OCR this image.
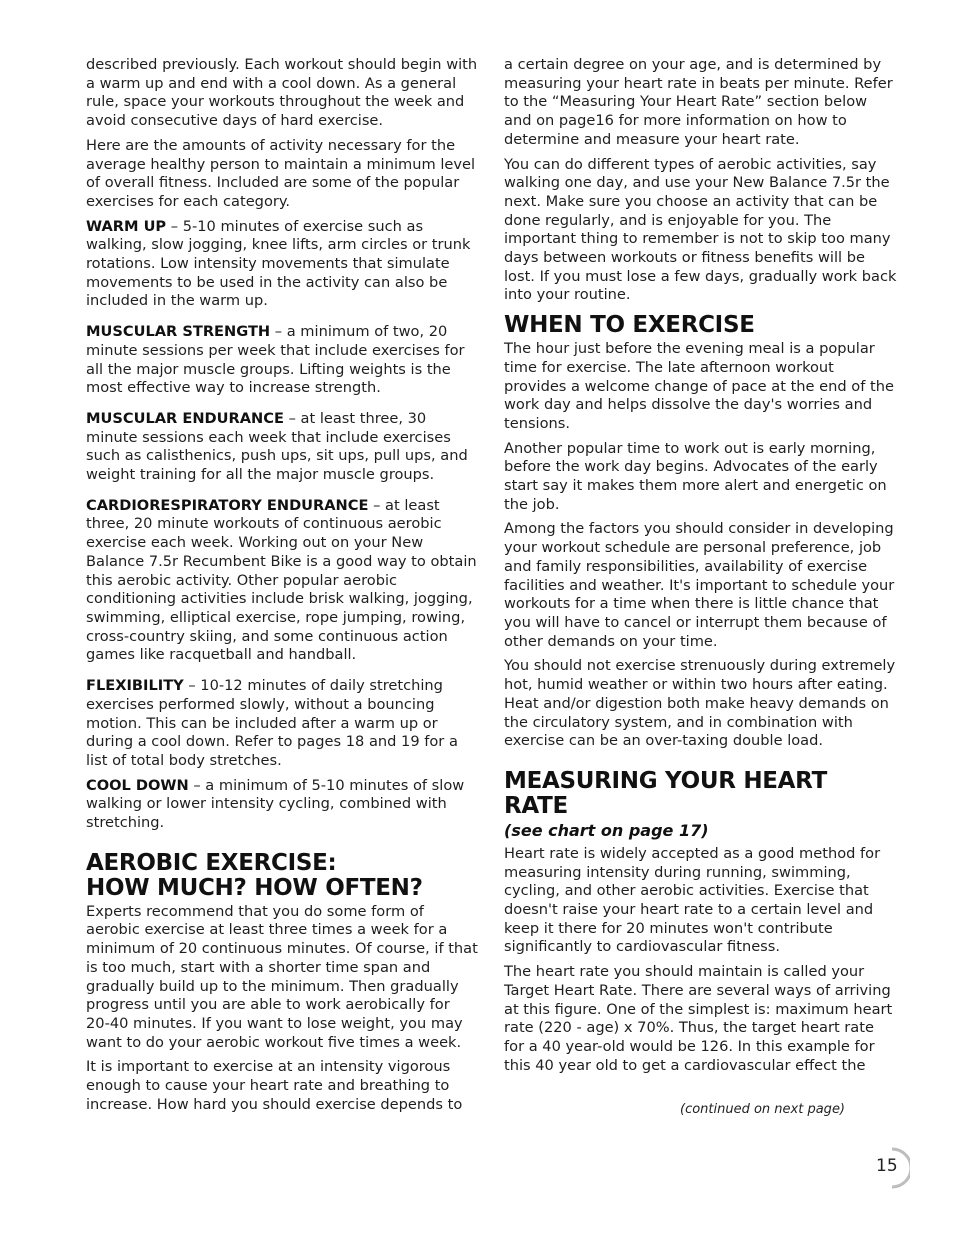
described previously. Each workout should begin with a warm up and end with a cool down. As a general rule, space your workouts throughout the week and avoid consecutive days of hard exercise.

Here are the amounts of activity necessary for the average healthy person to maintain a minimum level of overall fitness. Included are some of the popular exercises for each category.

WARM UP – 5-10 minutes of exercise such as walking, slow jogging, knee lifts, arm circles or trunk rotations. Low intensity movements that simulate movements to be used in the activity can also be included in the warm up.

MUSCULAR STRENGTH – a minimum of two, 20 minute sessions per week that include exercises for all the major muscle groups. Lifting weights is the most effective way to increase strength.

MUSCULAR ENDURANCE – at least three, 30 minute sessions each week that include exercises such as calisthenics, push ups, sit ups, pull ups, and weight training for all the major muscle groups.

CARDIORESPIRATORY ENDURANCE – at least three, 20 minute workouts of continuous aerobic exercise each week. Working out on your New Balance 7.5r Recumbent Bike is a good way to obtain this aerobic activity. Other popular aerobic conditioning activities include brisk walking, jogging, swimming, elliptical exercise, rope jumping, rowing, cross-country skiing, and some continuous action games like racquetball and handball.

FLEXIBILITY – 10-12 minutes of daily stretching exercises performed slowly, without a bouncing motion. This can be included after a warm up or during a cool down. Refer to pages 18 and 19 for a list of total body stretches.

COOL DOWN – a minimum of 5-10 minutes of slow walking or lower intensity cycling, combined with stretching.

AEROBIC EXERCISE:
HOW MUCH? HOW OFTEN?

Experts recommend that you do some form of aerobic exercise at least three times a week for a minimum of 20 continuous minutes. Of course, if that is too much, start with a shorter time span and gradually build up to the minimum. Then gradually progress until you are able to work aerobically for 20-40 minutes. If you want to lose weight, you may want to do your aerobic workout five times a week.

It is important to exercise at an intensity vigorous enough to cause your heart rate and breathing to increase. How hard you should exercise depends to

a certain degree on your age, and is determined by measuring your heart rate in beats per minute. Refer to the “Measuring Your Heart Rate” section below and on page16 for more information on how to determine and measure your heart rate.

You can do different types of aerobic activities, say walking one day, and use your New Balance 7.5r the next. Make sure you choose an activity that can be done regularly, and is enjoyable for you. The important thing to remember is not to skip too many days between workouts or fitness benefits will be lost. If you must lose a few days, gradually work back into your routine.

WHEN TO EXERCISE

The hour just before the evening meal is a popular time for exercise. The late afternoon workout provides a welcome change of pace at the end of the work day and helps dissolve the day's worries and tensions.

Another popular time to work out is early morning, before the work day begins. Advocates of the early start say it makes them more alert and energetic on the job.

Among the factors you should consider in developing your workout schedule are personal preference, job and family responsibilities, availability of exercise facilities and weather. It's important to schedule your workouts for a time when there is little chance that you will have to cancel or interrupt them because of other demands on your time.

You should not exercise strenuously during extremely hot, humid weather or within two hours after eating. Heat and/or digestion both make heavy demands on the circulatory system, and in combination with exercise can be an over-taxing double load.

MEASURING YOUR HEART RATE
(see chart on page 17)

Heart rate is widely accepted as a good method for measuring intensity during running, swimming, cycling, and other aerobic activities. Exercise that doesn't raise your heart rate to a certain level and keep it there for 20 minutes won't contribute significantly to cardiovascular fitness.

The heart rate you should maintain is called your Target Heart Rate. There are several ways of arriving at this figure. One of the simplest is: maximum heart rate (220 - age) x 70%. Thus, the target heart rate for a 40 year-old would be 126. In this example for this 40 year old to get a cardiovascular effect the

(continued on next page)
15
